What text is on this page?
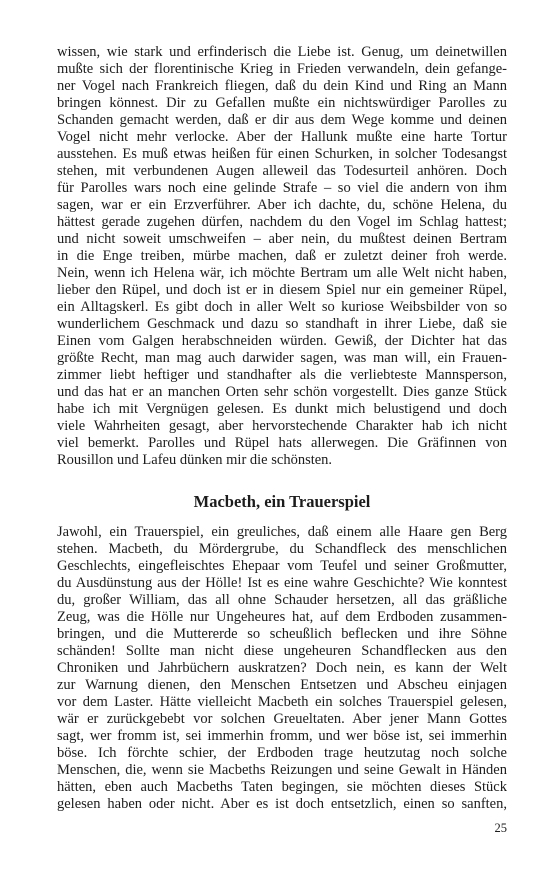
wissen, wie stark und erfinderisch die Liebe ist. Genug, um deinetwillen
mußte sich der florentinische Krieg in Frieden verwandeln, dein gefange-
ner Vogel nach Frankreich fliegen, daß du dein Kind und Ring an Mann
bringen könnest. Dir zu Gefallen mußte ein nichtswürdiger Parolles zu
Schanden gemacht werden, daß er dir aus dem Wege komme und deinen
Vogel nicht mehr verlocke. Aber der Hallunk mußte eine harte Tortur
ausstehen. Es muß etwas heißen für einen Schurken, in solcher Todesangst
stehen, mit verbundenen Augen alleweil das Todesurteil anhören. Doch
für Parolles wars noch eine gelinde Strafe – so viel die andern von ihm
sagen, war er ein Erzverführer. Aber ich dachte, du, schöne Helena, du
hättest gerade zugehen dürfen, nachdem du den Vogel im Schlag hattest;
und nicht soweit umschweifen – aber nein, du mußtest deinen Bertram
in die Enge treiben, mürbe machen, daß er zuletzt deiner froh werde.
Nein, wenn ich Helena wär, ich möchte Bertram um alle Welt nicht haben,
lieber den Rüpel, und doch ist er in diesem Spiel nur ein gemeiner Rüpel,
ein Alltagskerl. Es gibt doch in aller Welt so kuriose Weibsbilder von so
wunderlichem Geschmack und dazu so standhaft in ihrer Liebe, daß sie
Einen vom Galgen herabschneiden würden. Gewiß, der Dichter hat das
größte Recht, man mag auch darwider sagen, was man will, ein Frauen-
zimmer liebt heftiger und standhafter als die verliebteste Mannsperson,
und das hat er an manchen Orten sehr schön vorgestellt. Dies ganze Stück
habe ich mit Vergnügen gelesen. Es dunkt mich belustigend und doch
viele Wahrheiten gesagt, aber hervorstechende Charakter hab ich nicht
viel bemerkt. Parolles und Rüpel hats allerwegen. Die Gräfinnen von
Rousillon und Lafeu dünken mir die schönsten.
Macbeth, ein Trauerspiel
Jawohl, ein Trauerspiel, ein greuliches, daß einem alle Haare gen Berg
stehen. Macbeth, du Mördergrube, du Schandfleck des menschlichen
Geschlechts, eingefleischtes Ehepaar vom Teufel und seiner Großmutter,
du Ausdünstung aus der Hölle! Ist es eine wahre Geschichte? Wie konntest
du, großer William, das all ohne Schauder hersetzen, all das gräßliche
Zeug, was die Hölle nur Ungeheures hat, auf dem Erdboden zusammen-
bringen, und die Muttererde so scheußlich beflecken und ihre Söhne
schänden! Sollte man nicht diese ungeheuren Schandflecken aus den
Chroniken und Jahrbüchern auskratzen? Doch nein, es kann der Welt
zur Warnung dienen, den Menschen Entsetzen und Abscheu einjagen
vor dem Laster. Hätte vielleicht Macbeth ein solches Trauerspiel gelesen,
wär er zurückgebebt vor solchen Greueltaten. Aber jener Mann Gottes
sagt, wer fromm ist, sei immerhin fromm, und wer böse ist, sei immerhin
böse. Ich förchte schier, der Erdboden trage heutzutag noch solche
Menschen, die, wenn sie Macbeths Reizungen und seine Gewalt in Händen
hätten, eben auch Macbeths Taten begingen, sie möchten dieses Stück
gelesen haben oder nicht. Aber es ist doch entsetzlich, einen so sanften,
25
